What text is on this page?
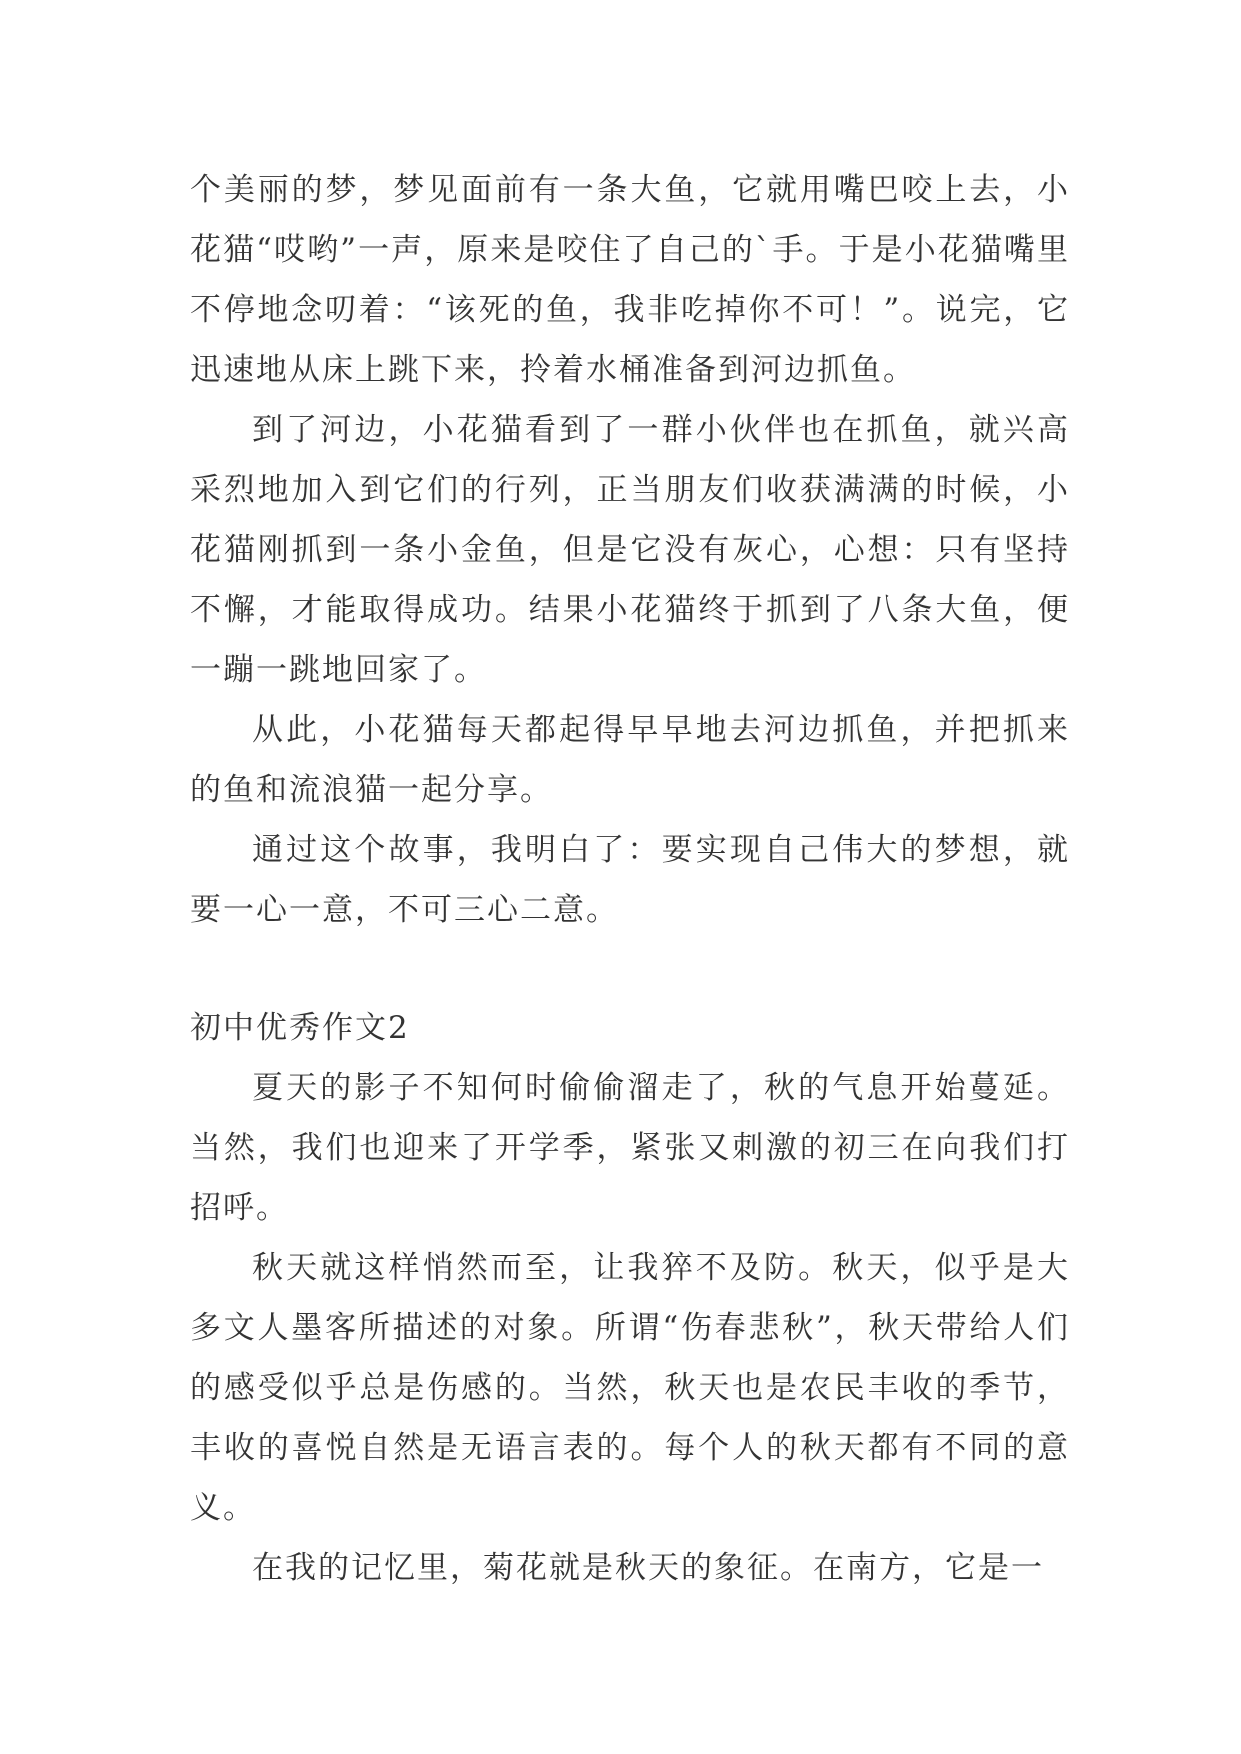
个美丽的梦，梦见面前有一条大鱼，它就用嘴巴咬上去，小花猫“哎哟”一声，原来是咬住了自己的`手。于是小花猫嘴里不停地念叨着：“该死的鱼，我非吃掉你不可！”。说完，它迅速地从床上跳下来，拎着水桶准备到河边抓鱼。

到了河边，小花猫看到了一群小伙伴也在抓鱼，就兴高采烈地加入到它们的行列，正当朋友们收获满满的时候，小花猫刚抓到一条小金鱼，但是它没有灰心，心想：只有坚持不懈，才能取得成功。结果小花猫终于抓到了八条大鱼，便一蹦一跳地回家了。

从此，小花猫每天都起得早早地去河边抓鱼，并把抓来的鱼和流浪猫一起分享。

通过这个故事，我明白了：要实现自己伟大的梦想，就要一心一意，不可三心二意。

初中优秀作文2

夏天的影子不知何时偷偷溜走了，秋的气息开始蔓延。当然，我们也迎来了开学季，紧张又刺激的初三在向我们打招呼。

秋天就这样悄然而至，让我猝不及防。秋天，似乎是大多文人墨客所描述的对象。所谓“伤春悲秋”，秋天带给人们的感受似乎总是伤感的。当然，秋天也是农民丰收的季节，丰收的喜悦自然是无语言表的。每个人的秋天都有不同的意义。

在我的记忆里，菊花就是秋天的象征。在南方，它是一
